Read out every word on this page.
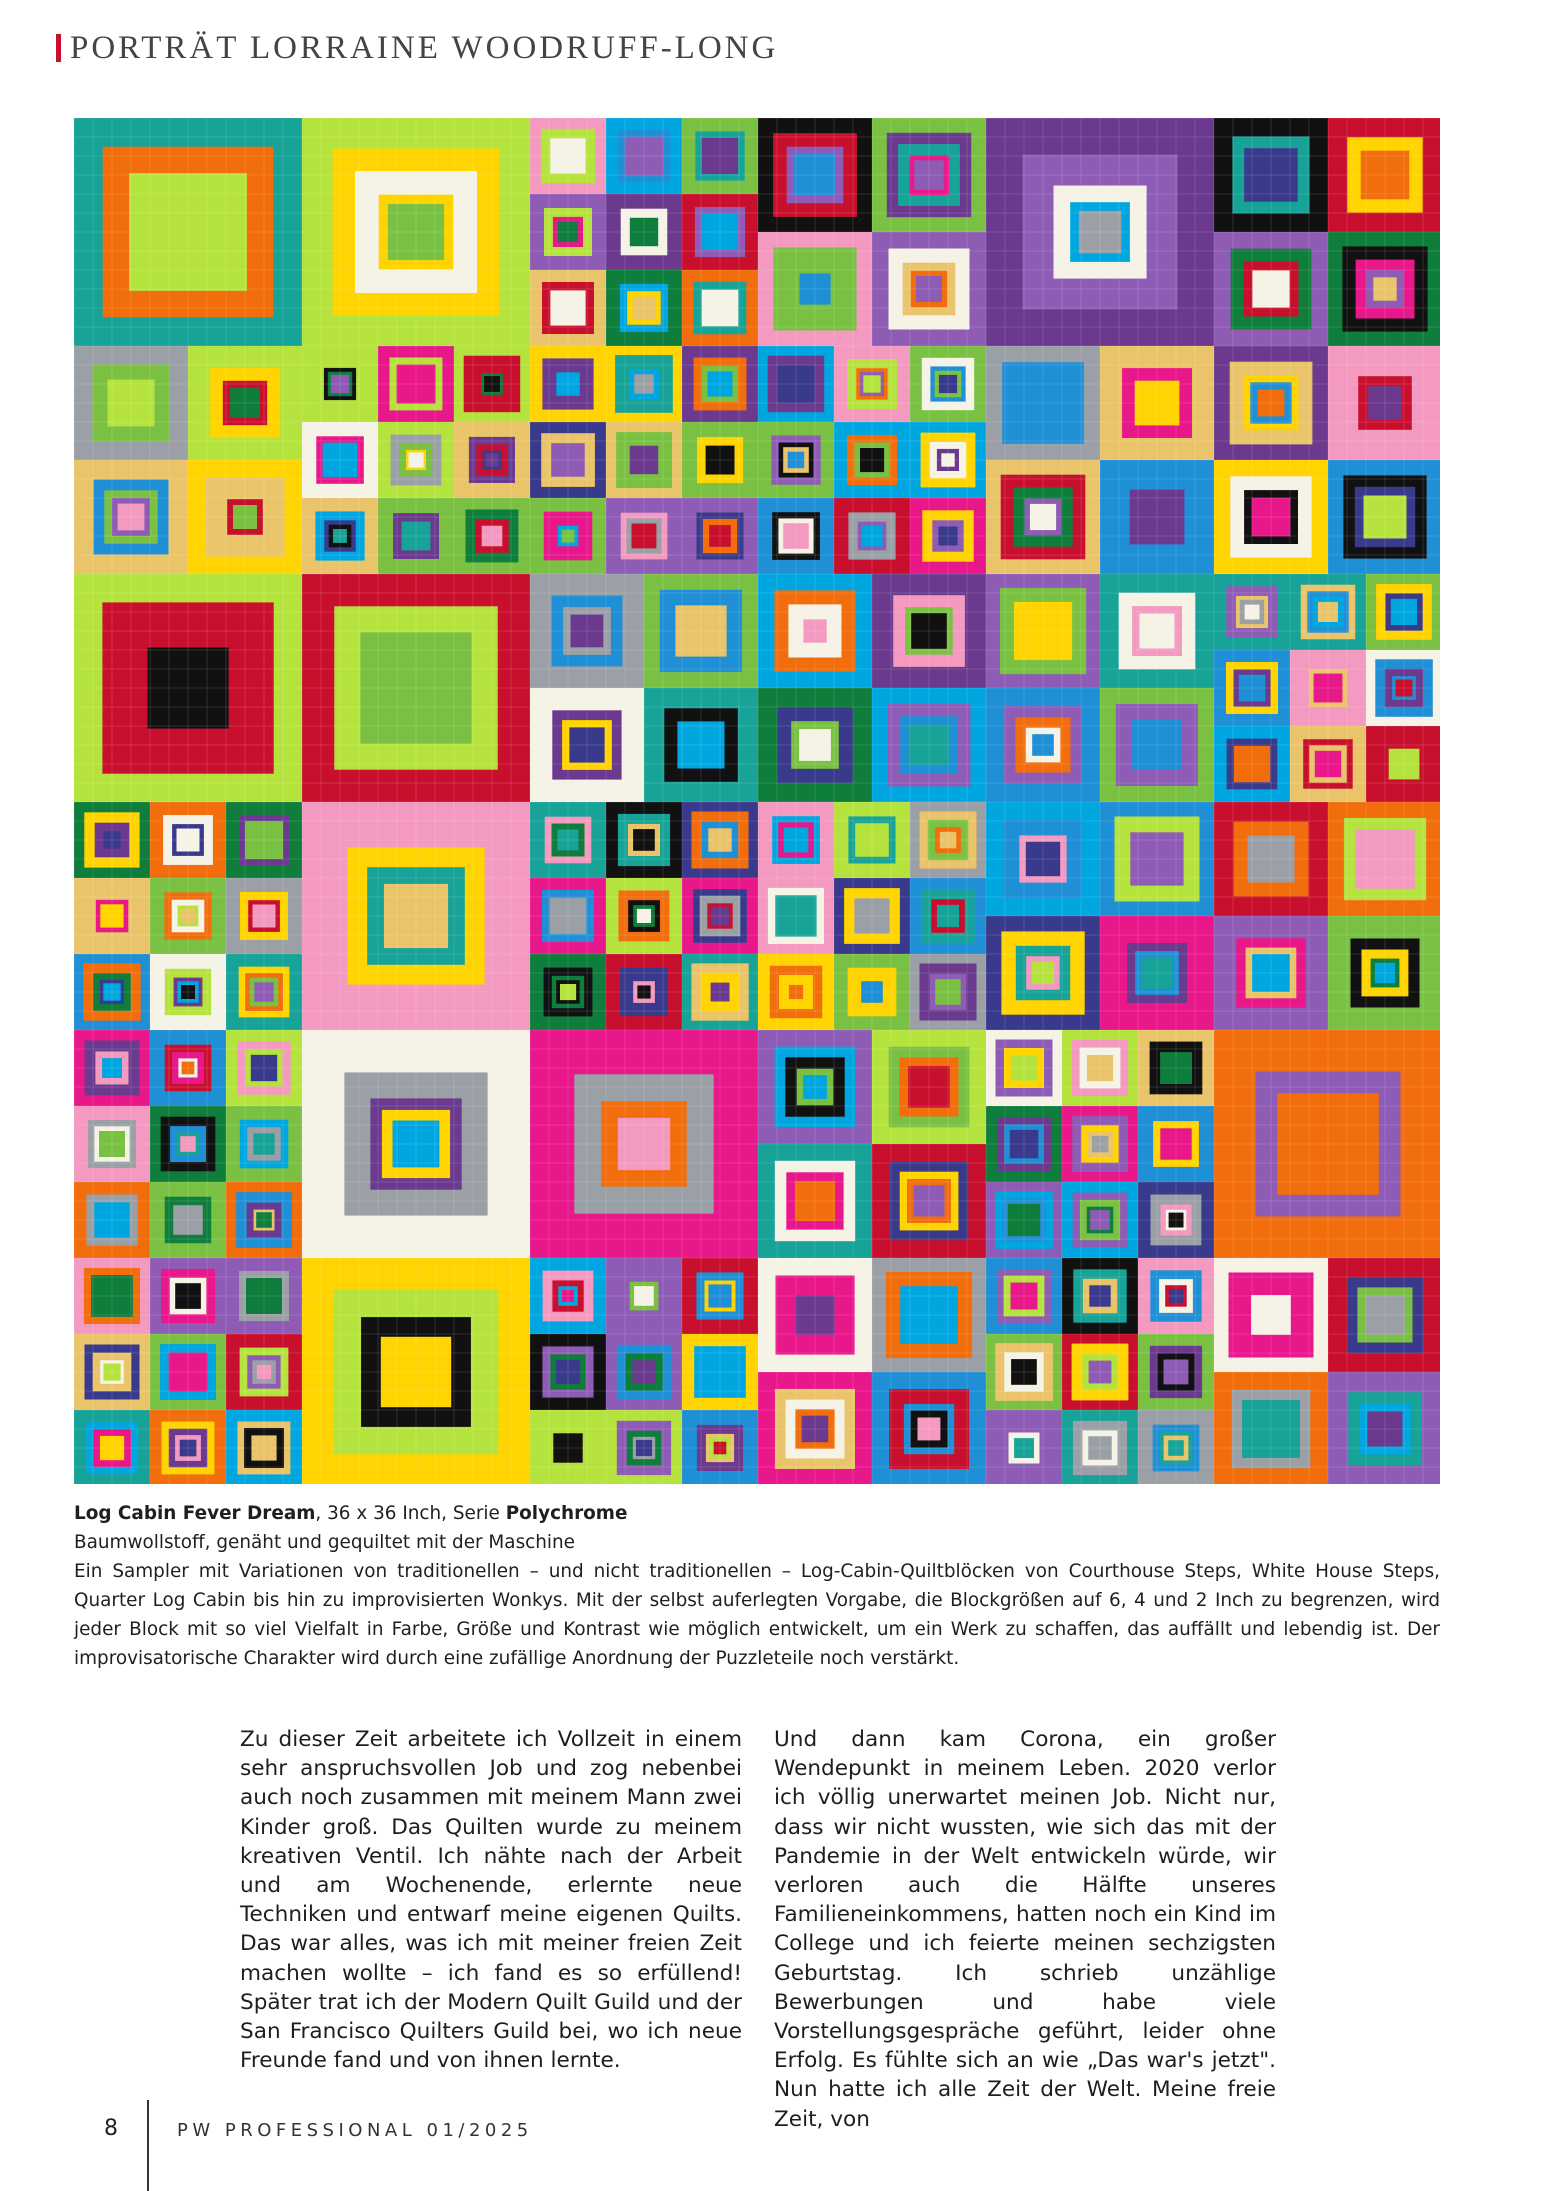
PORTRÄT LORRAINE WOODRUFF-LONG

Log Cabin Fever Dream, 36 x 36 Inch, Serie Polychrome

Baumwollstoff, genäht und gequiltet mit der Maschine

Ein Sampler mit Variationen von traditionellen – und nicht traditionellen – Log-Cabin-Quiltblöcken von Courthouse Steps, White House Steps, Quarter Log Cabin bis hin zu improvisierten Wonkys. Mit der selbst auferlegten Vorgabe, die Blockgrößen auf 6, 4 und 2 Inch zu begrenzen, wird jeder Block mit so viel Vielfalt in Farbe, Größe und Kontrast wie möglich entwickelt, um ein Werk zu schaffen, das auffällt und lebendig ist. Der improvisatorische Charakter wird durch eine zufällige Anordnung der Puzzleteile noch verstärkt.

Zu dieser Zeit arbeitete ich Vollzeit in einem sehr anspruchsvollen Job und zog nebenbei auch noch zusammen mit meinem Mann zwei Kinder groß. Das Quilten wurde zu meinem kreativen Ventil. Ich nähte nach der Arbeit und am Wochenende, erlernte neue Techniken und entwarf meine eigenen Quilts. Das war alles, was ich mit meiner freien Zeit machen wollte – ich fand es so erfüllend! Später trat ich der Modern Quilt Guild und der San Francisco Quilters Guild bei, wo ich neue Freunde fand und von ihnen lernte.

Und dann kam Corona, ein großer Wendepunkt in meinem Leben. 2020 verlor ich völlig unerwartet meinen Job. Nicht nur, dass wir nicht wussten, wie sich das mit der Pandemie in der Welt entwickeln würde, wir verloren auch die Hälfte unseres Familieneinkommens, hatten noch ein Kind im College und ich feierte meinen sechzigsten Geburtstag. Ich schrieb unzählige Bewerbungen und habe viele Vorstellungsgespräche geführt, leider ohne Erfolg. Es fühlte sich an wie „Das war's jetzt". Nun hatte ich alle Zeit der Welt. Meine freie Zeit, von

8	PW PROFESSIONAL 01/2025
